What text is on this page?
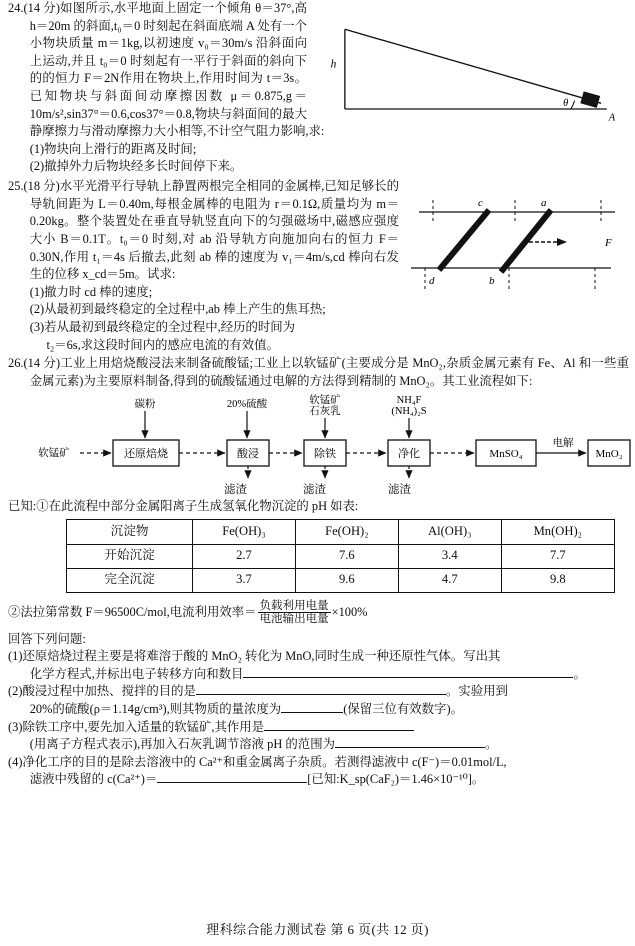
h
θ
A
24.(14 分)如图所示,水平地面上固定一个倾角 θ＝37°,高 h＝20m 的斜面,t₀＝0 时刻起在斜面底端 A 处有一个小物块质量 m＝1kg,以初速度 v₀＝30m/s 沿斜面向上运动,并且 t₀＝0 时刻起有一平行于斜面的斜向下的的恒力 F＝2N作用在物块上,作用时间为 t＝3s。已知物块与斜面间动摩擦因数 μ＝0.875,g＝10m/s²,sin37°＝0.6,cos37°＝0.8,物块与斜面间的最大静摩擦力与滑动摩擦力大小相等,不计空气阻力影响,求:
(1)物块向上滑行的距离及时间;
(2)撤掉外力后物块经多长时间停下来。
c	a
d	b
F
25.(18 分)水平光滑平行导轨上静置两根完全相同的金属棒,已知足够长的导轨间距为 L＝0.40m,每根金属棒的电阻为 r＝0.1Ω,质量均为 m＝0.20kg。整个装置处在垂直导轨竖直向下的匀强磁场中,磁感应强度大小 B＝0.1T。t₀＝0 时刻,对 ab 沿导轨方向施加向右的恒力 F＝0.30N,作用 t₁＝4s 后撤去,此刻 ab 棒的速度为 v₁＝4m/s,cd 棒向右发生的位移 x_cd＝5m。试求:
(1)撤力时 cd 棒的速度;
(2)从最初到最终稳定的全过程中,ab 棒上产生的焦耳热;
(3)若从最初到最终稳定的全过程中,经历的时间为
t₂＝6s,求这段时间内的感应电流的有效值。
26.(14 分)工业上用焙烧酸浸法来制备硫酸锰;工业上以软锰矿(主要成分是 MnO₂,杂质金属元素有 Fe、Al 和一些重金属元素)为主要原料制备,得到的硫酸锰通过电解的方法得到精制的 MnO₂。其工业流程如下:
碳粉	20%硫酸	软锰矿
石灰乳
NH₄F
(NH₄)₂S
软锰矿	还原焙烧	酸浸	除铁	净化	MnSO₄
电解
MnO₂
滤渣	滤渣	滤渣
已知:①在此流程中部分金属阳离子生成氢氧化物沉淀的 pH 如表:
沉淀物	Fe(OH)₃	Fe(OH)₂	Al(OH)₃	Mn(OH)₂
开始沉淀	2.7	7.6	3.4	7.7
完全沉淀	3.7	9.6	4.7	9.8
②法拉第常数 F＝96500C/mol,电流利用效率＝ $\frac{\text{负载利用电量}}{\text{电池输出电量}} \times 100\%$
回答下列问题:
(1)还原焙烧过程主要是将难溶于酸的 MnO₂ 转化为 MnO,同时生成一种还原性气体。写出其
化学方程式,并标出电子转移方向和数目	。
(2)酸浸过程中加热、搅拌的目的是	。实验用到
20%的硫酸(ρ＝1.14g/cm³),则其物质的量浓度为	(保留三位有效数字)。
(3)除铁工序中,要先加入适量的软锰矿,其作用是
(用离子方程式表示),再加入石灰乳调节溶液 pH 的范围为	。
(4)净化工序的目的是除去溶液中的 Ca²⁺和重金属离子杂质。若测得滤液中 c(F⁻)＝0.01mol/L,
滤液中残留的 c(Ca²⁺)＝	[已知:K_sp(CaF₂)＝1.46×10⁻¹⁰]。
理科综合能力测试卷 第 6 页(共 12 页)
